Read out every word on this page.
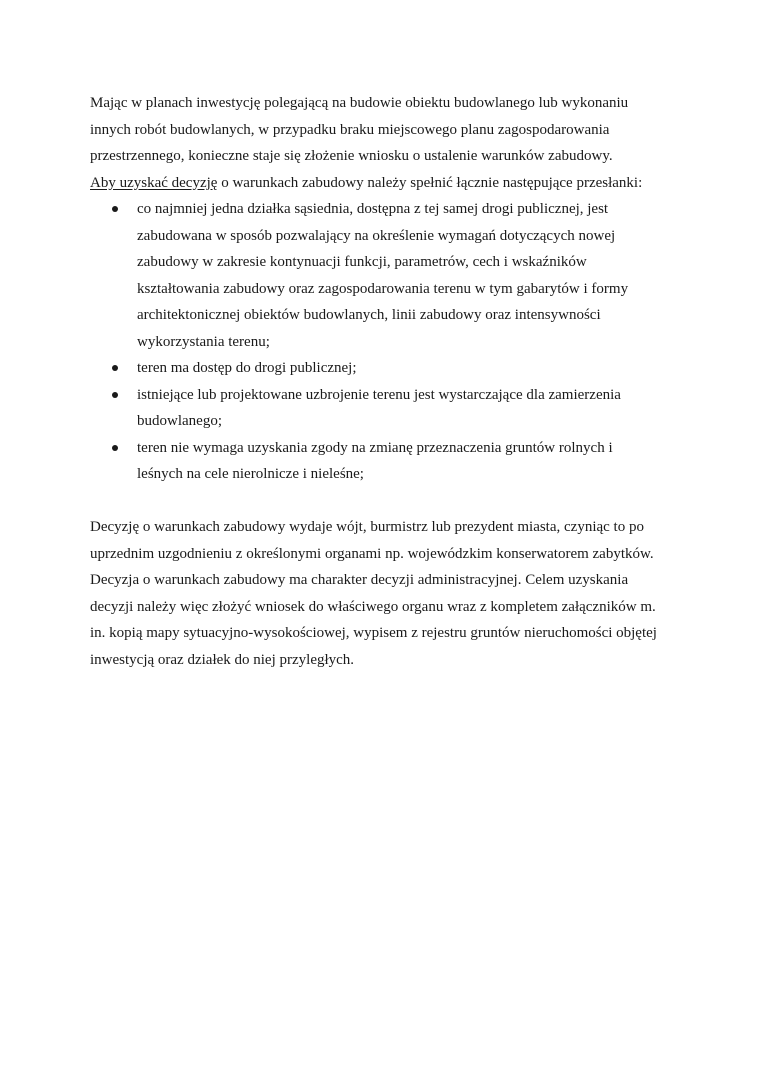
Mając w planach inwestycję polegającą na budowie obiektu budowlanego lub wykonaniu
innych robót budowlanych, w przypadku braku miejscowego planu zagospodarowania
przestrzennego, konieczne staje się złożenie wniosku o ustalenie warunków zabudowy.
Aby uzyskać decyzję o warunkach zabudowy należy spełnić łącznie następujące przesłanki:

co najmniej jedna działka sąsiednia, dostępna z tej samej drogi publicznej, jest
zabudowana w sposób pozwalający na określenie wymagań dotyczących nowej
zabudowy w zakresie kontynuacji funkcji, parametrów, cech i wskaźników
kształtowania zabudowy oraz zagospodarowania terenu w tym gabarytów i formy
architektonicznej obiektów budowlanych, linii zabudowy oraz intensywności
wykorzystania terenu;
teren ma dostęp do drogi publicznej;
istniejące lub projektowane uzbrojenie terenu jest wystarczające dla zamierzenia
budowlanego;
teren nie wymaga uzyskania zgody na zmianę przeznaczenia gruntów rolnych i
leśnych na cele nierolnicze i nieleśne;

Decyzję o warunkach zabudowy wydaje wójt, burmistrz lub prezydent miasta, czyniąc to po
uprzednim uzgodnieniu z określonymi organami np. wojewódzkim konserwatorem zabytków.
Decyzja o warunkach zabudowy ma charakter decyzji administracyjnej. Celem uzyskania
decyzji należy więc złożyć wniosek do właściwego organu wraz z kompletem załączników m.
in. kopią mapy sytuacyjno-wysokościowej, wypisem z rejestru gruntów nieruchomości objętej
inwestycją oraz działek do niej przyległych.
